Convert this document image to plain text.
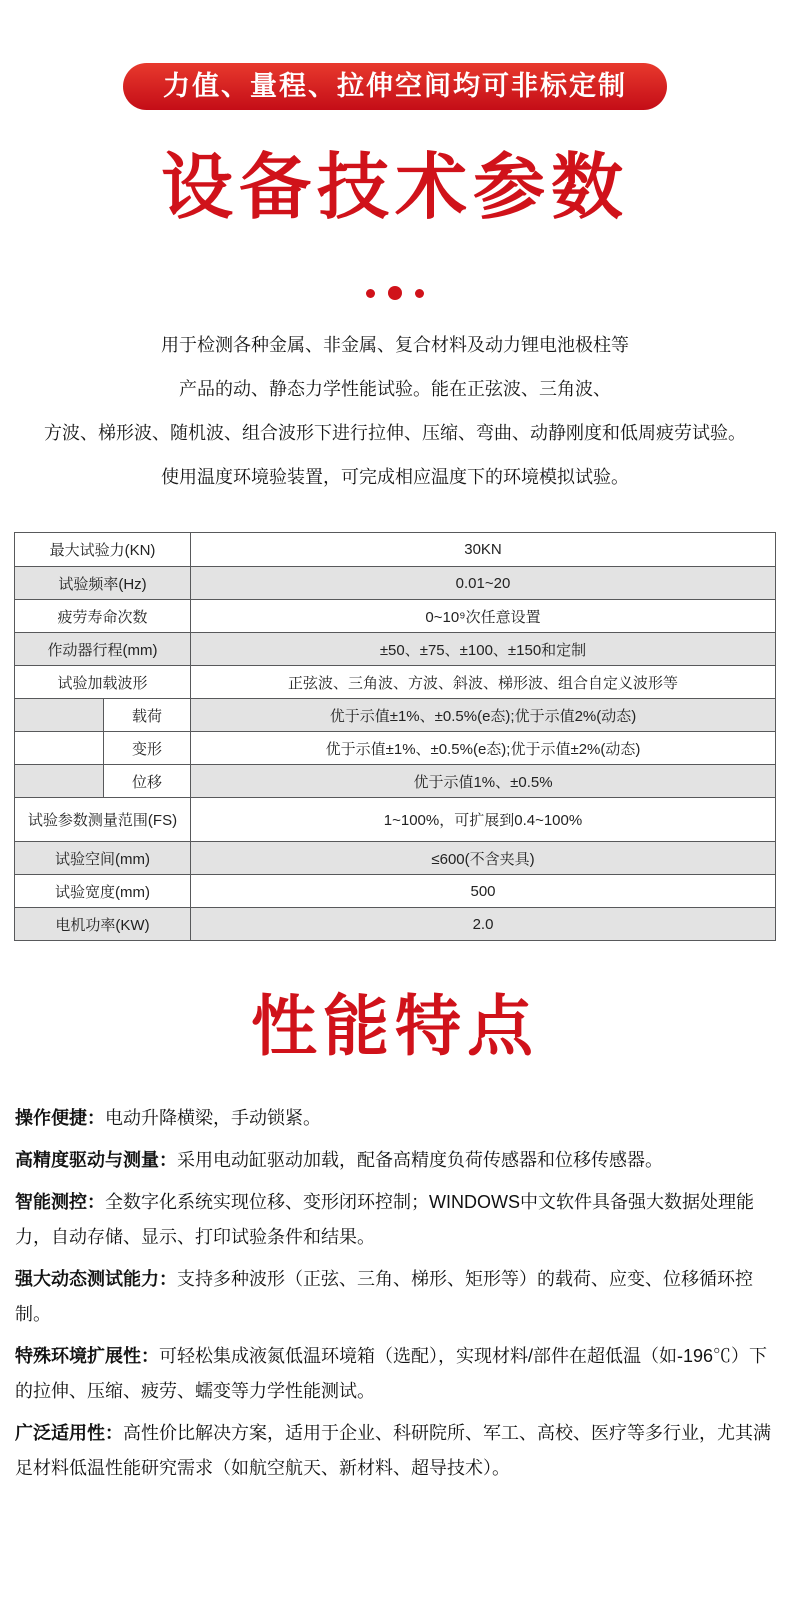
力值、量程、拉伸空间均可非标定制
设备技术参数
用于检测各种金属、非金属、复合材料及动力锂电池极柱等
产品的动、静态力学性能试验。能在正弦波、三角波、
方波、梯形波、随机波、组合波形下进行拉伸、压缩、弯曲、动静刚度和低周疲劳试验。
使用温度环境验装置，可完成相应温度下的环境模拟试验。
最大试验力(KN)	30KN
试验频率(Hz)	0.01~20
疲劳寿命次数	0~10⁹次任意设置
作动器行程(mm)	±50、±75、±100、±150和定制
试验加载波形	正弦波、三角波、方波、斜波、梯形波、组合自定义波形等
载荷	优于示值±1%、±0.5%(e态);优于示值2%(动态)
变形	优于示值±1%、±0.5%(e态);优于示值±2%(动态)
位移	优于示值1%、±0.5%
试验参数测量范围(FS)	1~100%，可扩展到0.4~100%
试验空间(mm)	≤600(不含夹具)
试验宽度(mm)	500
电机功率(KW)	2.0
性能特点

操作便捷：电动升降横梁，手动锁紧。

高精度驱动与测量：采用电动缸驱动加载，配备高精度负荷传感器和位移传感器。

智能测控：全数字化系统实现位移、变形闭环控制；WINDOWS中文软件具备强大数据处理能力，自动存储、显示、打印试验条件和结果。

强大动态测试能力：支持多种波形（正弦、三角、梯形、矩形等）的载荷、应变、位移循环控制。

特殊环境扩展性：可轻松集成液氮低温环境箱（选配），实现材料/部件在超低温（如-196℃）下的拉伸、压缩、疲劳、蠕变等力学性能测试。

广泛适用性：高性价比解决方案，适用于企业、科研院所、军工、高校、医疗等多行业，尤其满足材料低温性能研究需求（如航空航天、新材料、超导技术）。
